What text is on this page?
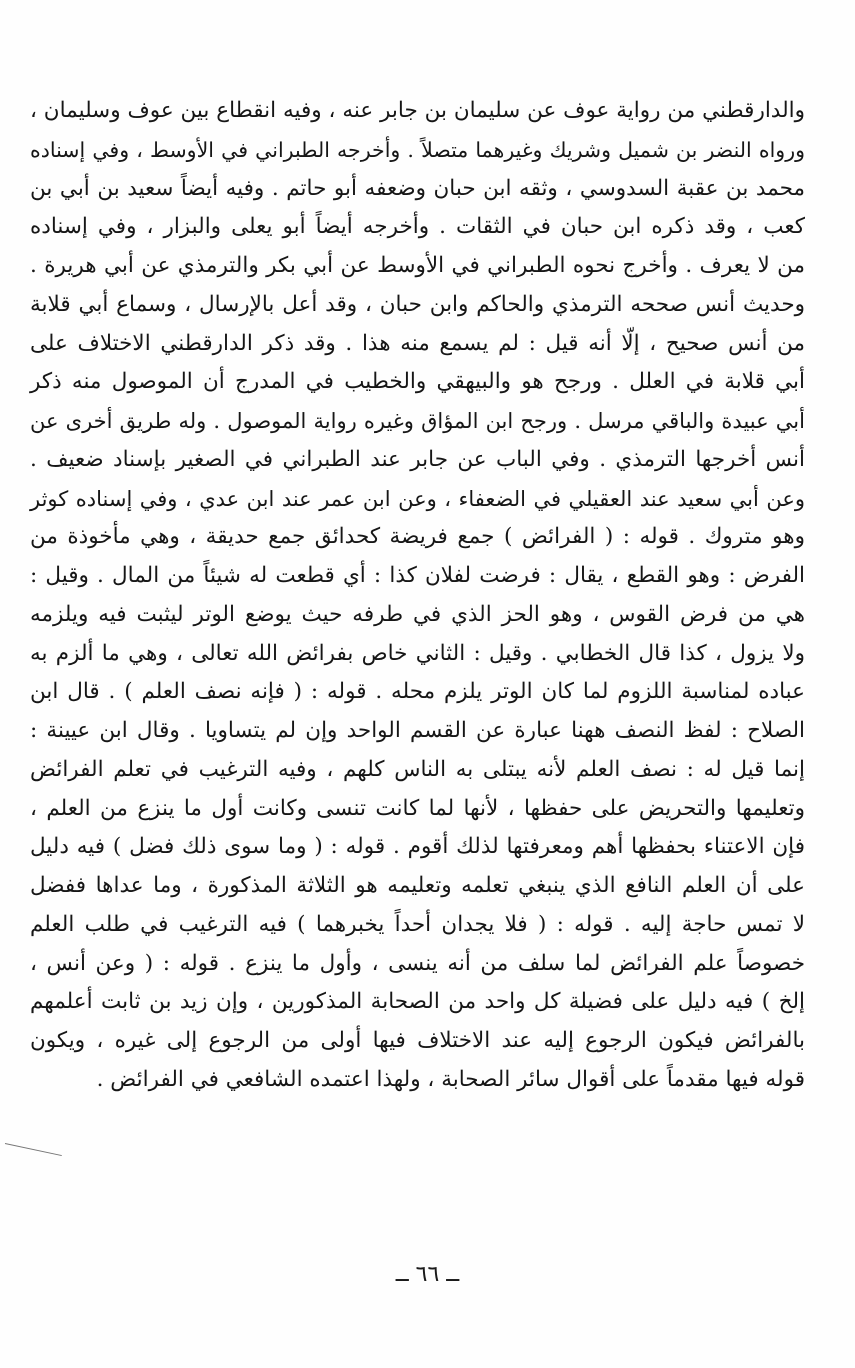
والدارقطني من رواية عوف عن سليمان بن جابر عنه ، وفيه انقطاع بين عوف وسليمان ،
ورواه النضر بن شميل وشريك وغيرهما متصلاً . وأخرجه الطبراني في الأوسط ، وفي إسناده
محمد بن عقبة السدوسي ، وثقه ابن حبان وضعفه أبو حاتم . وفيه أيضاً سعيد بن أبي بن
كعب ، وقد ذكره ابن حبان في الثقات . وأخرجه أيضاً أبو يعلى والبزار ، وفي إسناده
من لا يعرف . وأخرج نحوه الطبراني في الأوسط عن أبي بكر والترمذي عن أبي هريرة .
وحديث أنس صححه الترمذي والحاكم وابن حبان ، وقد أعل بالإرسال ، وسماع أبي قلابة
من أنس صحيح ، إلّا أنه قيل : لم يسمع منه هذا . وقد ذكر الدارقطني الاختلاف على
أبي قلابة في العلل . ورجح هو والبيهقي والخطيب في المدرج أن الموصول منه ذكر
أبي عبيدة والباقي مرسل . ورجح ابن المؤاق وغيره رواية الموصول . وله طريق أخرى عن
أنس أخرجها الترمذي . وفي الباب عن جابر عند الطبراني في الصغير بإسناد ضعيف .
وعن أبي سعيد عند العقيلي في الضعفاء ، وعن ابن عمر عند ابن عدي ، وفي إسناده كوثر
وهو متروك . قوله : ( الفرائض ) جمع فريضة كحدائق جمع حديقة ، وهي مأخوذة من
الفرض : وهو القطع ، يقال : فرضت لفلان كذا : أي قطعت له شيئاً من المال . وقيل :
هي من فرض القوس ، وهو الحز الذي في طرفه حيث يوضع الوتر ليثبت فيه ويلزمه
ولا يزول ، كذا قال الخطابي . وقيل : الثاني خاص بفرائض الله تعالى ، وهي ما ألزم به
عباده لمناسبة اللزوم لما كان الوتر يلزم محله . قوله : ( فإنه نصف العلم ) . قال ابن
الصلاح : لفظ النصف ههنا عبارة عن القسم الواحد وإن لم يتساويا . وقال ابن عيينة :
إنما قيل له : نصف العلم لأنه يبتلى به الناس كلهم ، وفيه الترغيب في تعلم الفرائض
وتعليمها والتحريض على حفظها ، لأنها لما كانت تنسى وكانت أول ما ينزع من العلم ،
فإن الاعتناء بحفظها أهم ومعرفتها لذلك أقوم . قوله : ( وما سوى ذلك فضل ) فيه دليل
على أن العلم النافع الذي ينبغي تعلمه وتعليمه هو الثلاثة المذكورة ، وما عداها ففضل
لا تمس حاجة إليه . قوله : ( فلا يجدان أحداً يخبرهما ) فيه الترغيب في طلب العلم
خصوصاً علم الفرائض لما سلف من أنه ينسى ، وأول ما ينزع . قوله : ( وعن أنس ،
إلخ ) فيه دليل على فضيلة كل واحد من الصحابة المذكورين ، وإن زيد بن ثابت أعلمهم
بالفرائض فيكون الرجوع إليه عند الاختلاف فيها أولى من الرجوع إلى غيره ، ويكون
قوله فيها مقدماً على أقوال سائر الصحابة ، ولهذا اعتمده الشافعي في الفرائض .
ــ ٦٦ ــ
